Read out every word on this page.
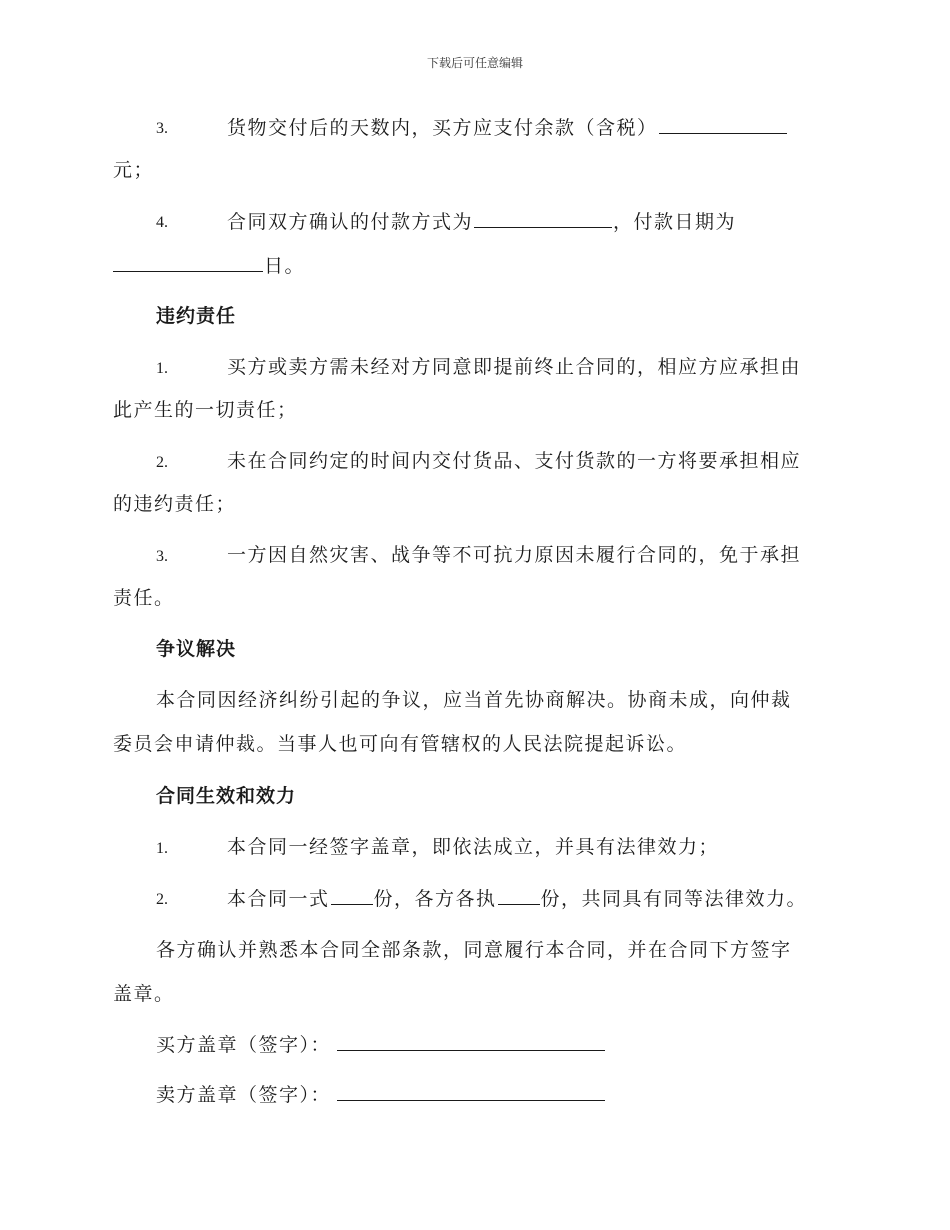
下载后可任意编辑
3.	货物交付后的天数内，买方应支付余款（含税）
元；
4.	合同双方确认的付款方式为	，付款日期为
日。
违约责任
1.	买方或卖方需未经对方同意即提前终止合同的，相应方应承担由
此产生的一切责任；
2.	未在合同约定的时间内交付货品、支付货款的一方将要承担相应
的违约责任；
3.	一方因自然灾害、战争等不可抗力原因未履行合同的，免于承担
责任。
争议解决
本合同因经济纠纷引起的争议，应当首先协商解决。协商未成，向仲裁
委员会申请仲裁。当事人也可向有管辖权的人民法院提起诉讼。
合同生效和效力
1.	本合同一经签字盖章，即依法成立，并具有法律效力；
2.	本合同一式 份，各方各执 份，共同具有同等法律效力。
各方确认并熟悉本合同全部条款，同意履行本合同，并在合同下方签字
盖章。
买方盖章（签字）：
卖方盖章（签字）：
